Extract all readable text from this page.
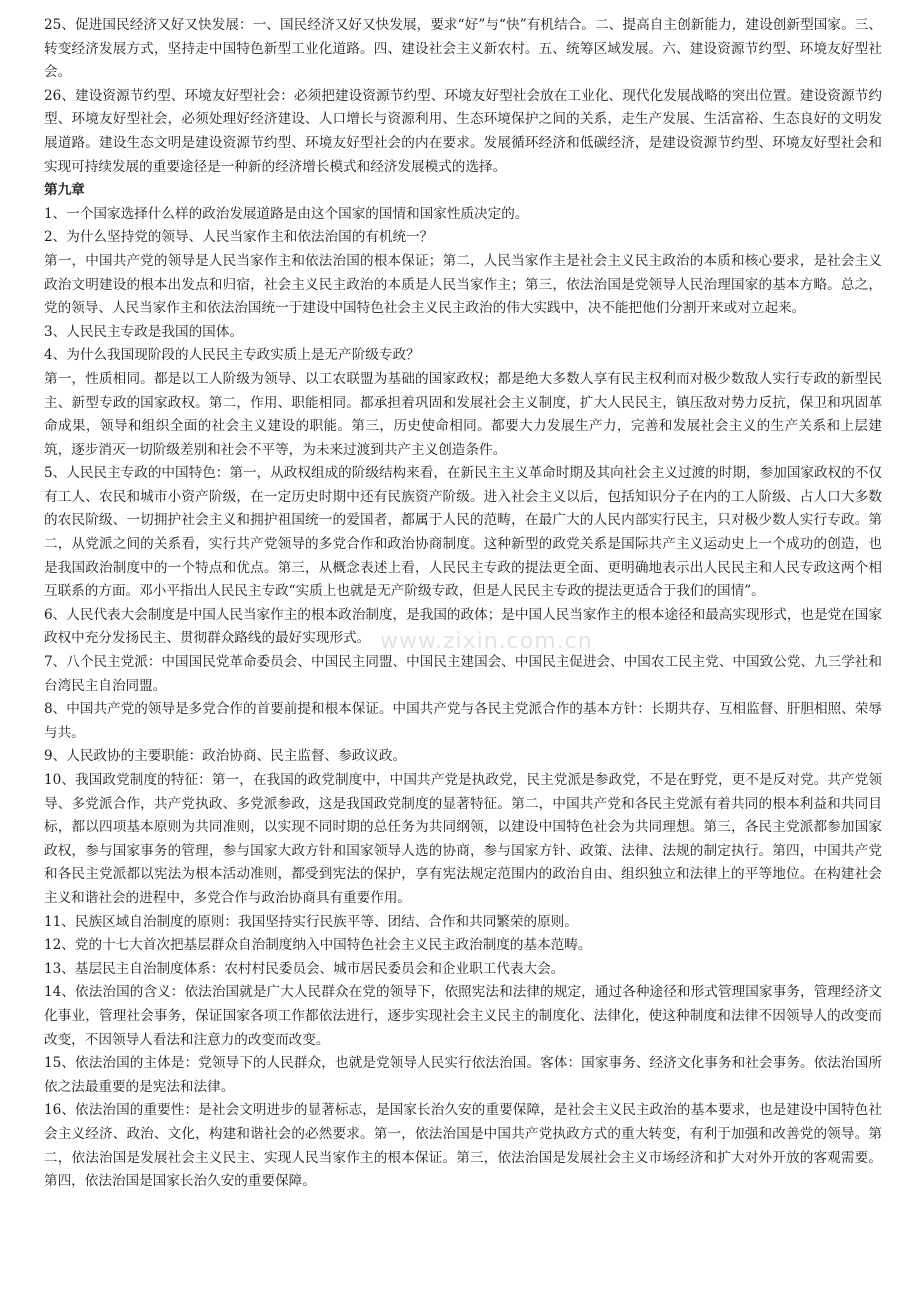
25、促进国民经济又好又快发展：一、国民经济又好又快发展，要求“好”与“快”有机结合。二、提高自主创新能力，建设创新型国家。三、转变经济发展方式，坚持走中国特色新型工业化道路。四、建设社会主义新农村。五、统筹区域发展。六、建设资源节约型、环境友好型社会。

26、建设资源节约型、环境友好型社会：必须把建设资源节约型、环境友好型社会放在工业化、现代化发展战略的突出位置。建设资源节约型、环境友好型社会，必须处理好经济建设、人口增长与资源利用、生态环境保护之间的关系，走生产发展、生活富裕、生态良好的文明发展道路。建设生态文明是建设资源节约型、环境友好型社会的内在要求。发展循环经济和低碳经济，是建设资源节约型、环境友好型社会和实现可持续发展的重要途径是一种新的经济增长模式和经济发展模式的选择。

第九章

1、一个国家选择什么样的政治发展道路是由这个国家的国情和国家性质决定的。

2、为什么坚持党的领导、人民当家作主和依法治国的有机统一？

第一，中国共产党的领导是人民当家作主和依法治国的根本保证；第二，人民当家作主是社会主义民主政治的本质和核心要求，是社会主义政治文明建设的根本出发点和归宿，社会主义民主政治的本质是人民当家作主；第三，依法治国是党领导人民治理国家的基本方略。总之，党的领导、人民当家作主和依法治国统一于建设中国特色社会主义民主政治的伟大实践中，决不能把他们分割开来或对立起来。

3、人民民主专政是我国的国体。

4、为什么我国现阶段的人民民主专政实质上是无产阶级专政？

第一，性质相同。都是以工人阶级为领导、以工农联盟为基础的国家政权；都是绝大多数人享有民主权利而对极少数敌人实行专政的新型民主、新型专政的国家政权。第二，作用、职能相同。都承担着巩固和发展社会主义制度，扩大人民民主，镇压敌对势力反抗，保卫和巩固革命成果，领导和组织全面的社会主义建设的职能。第三，历史使命相同。都要大力发展生产力，完善和发展社会主义的生产关系和上层建筑，逐步消灭一切阶级差别和社会不平等，为未来过渡到共产主义创造条件。

5、人民民主专政的中国特色：第一，从政权组成的阶级结构来看，在新民主主义革命时期及其向社会主义过渡的时期，参加国家政权的不仅有工人、农民和城市小资产阶级，在一定历史时期中还有民族资产阶级。进入社会主义以后，包括知识分子在内的工人阶级、占人口大多数的农民阶级、一切拥护社会主义和拥护祖国统一的爱国者，都属于人民的范畴，在最广大的人民内部实行民主，只对极少数人实行专政。第二，从党派之间的关系看，实行共产党领导的多党合作和政治协商制度。这种新型的政党关系是国际共产主义运动史上一个成功的创造，也是我国政治制度中的一个特点和优点。第三，从概念表述上看，人民民主专政的提法更全面、更明确地表示出人民民主和人民专政这两个相互联系的方面。邓小平指出人民民主专政“实质上也就是无产阶级专政，但是人民民主专政的提法更适合于我们的国情”。

6、人民代表大会制度是中国人民当家作主的根本政治制度，是我国的政体；是中国人民当家作主的根本途径和最高实现形式，也是党在国家政权中充分发扬民主、贯彻群众路线的最好实现形式。

7、八个民主党派：中国国民党革命委员会、中国民主同盟、中国民主建国会、中国民主促进会、中国农工民主党、中国致公党、九三学社和台湾民主自治同盟。

8、中国共产党的领导是多党合作的首要前提和根本保证。中国共产党与各民主党派合作的基本方针：长期共存、互相监督、肝胆相照、荣辱与共。

9、人民政协的主要职能：政治协商、民主监督、参政议政。

10、我国政党制度的特征：第一，在我国的政党制度中，中国共产党是执政党，民主党派是参政党，不是在野党，更不是反对党。共产党领导、多党派合作，共产党执政、多党派参政，这是我国政党制度的显著特征。第二，中国共产党和各民主党派有着共同的根本利益和共同目标，都以四项基本原则为共同准则，以实现不同时期的总任务为共同纲领，以建设中国特色社会为共同理想。第三，各民主党派都参加国家政权，参与国家事务的管理，参与国家大政方针和国家领导人选的协商，参与国家方针、政策、法律、法规的制定执行。第四，中国共产党和各民主党派都以宪法为根本活动准则，都受到宪法的保护，享有宪法规定范围内的政治自由、组织独立和法律上的平等地位。在构建社会主义和谐社会的进程中，多党合作与政治协商具有重要作用。

11、民族区域自治制度的原则：我国坚持实行民族平等、团结、合作和共同繁荣的原则。

12、党的十七大首次把基层群众自治制度纳入中国特色社会主义民主政治制度的基本范畴。

13、基层民主自治制度体系：农村村民委员会、城市居民委员会和企业职工代表大会。

14、依法治国的含义：依法治国就是广大人民群众在党的领导下，依照宪法和法律的规定，通过各种途径和形式管理国家事务，管理经济文化事业，管理社会事务，保证国家各项工作都依法进行，逐步实现社会主义民主的制度化、法律化，使这种制度和法律不因领导人的改变而改变，不因领导人看法和注意力的改变而改变。

15、依法治国的主体是：党领导下的人民群众，也就是党领导人民实行依法治国。客体：国家事务、经济文化事务和社会事务。依法治国所依之法最重要的是宪法和法律。

16、依法治国的重要性：是社会文明进步的显著标志，是国家长治久安的重要保障，是社会主义民主政治的基本要求，也是建设中国特色社会主义经济、政治、文化，构建和谐社会的必然要求。第一，依法治国是中国共产党执政方式的重大转变，有利于加强和改善党的领导。第二，依法治国是发展社会主义民主、实现人民当家作主的根本保证。第三，依法治国是发展社会主义市场经济和扩大对外开放的客观需要。第四，依法治国是国家长治久安的重要保障。

www.zixin.com.cn
